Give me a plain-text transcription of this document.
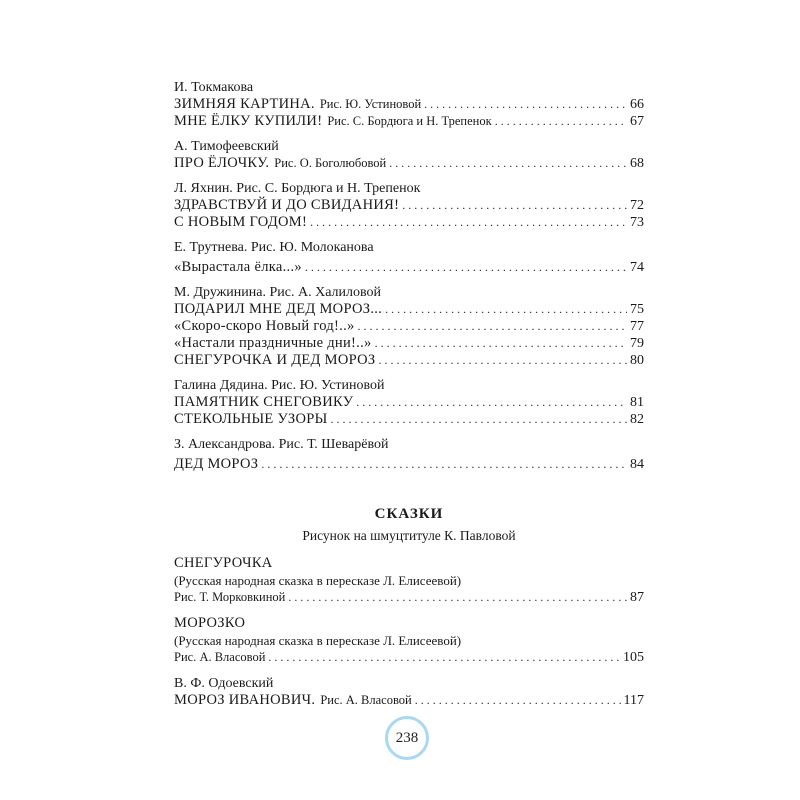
И. Токмакова
ЗИМНЯЯ КАРТИНА. Рис. Ю. Устиновой . . .	66
МНЕ ЁЛКУ КУПИЛИ! Рис. С. Бордюга и Н. Трепенок . . .	67
А. Тимофеевский
ПРО ЁЛОЧКУ. Рис. О. Боголюбовой . . .	68
Л. Яхнин. Рис. С. Бордюга и Н. Трепенок
ЗДРАВСТВУЙ И ДО СВИДАНИЯ! . . .	72
С НОВЫМ ГОДОМ! . . .	73
Е. Трутнева. Рис. Ю. Молоканова
«Вырастала ёлка...» . . .	74
М. Дружинина. Рис. А. Халиловой
ПОДАРИЛ МНЕ ДЕД МОРОЗ... . . .	75
«Скоро-скоро Новый год!..» . . .	77
«Настали праздничные дни!..» . . .	79
СНЕГУРОЧКА И ДЕД МОРОЗ . . .	80
Галина Дядина. Рис. Ю. Устиновой
ПАМЯТНИК СНЕГОВИКУ . . .	81
СТЕКОЛЬНЫЕ УЗОРЫ . . .	82
З. Александрова. Рис. Т. Шеварёвой
ДЕД МОРОЗ . . .	84
СКАЗКИ
Рисунок на шмуцтитуле К. Павловой
СНЕГУРОЧКА
(Русская народная сказка в пересказе Л. Елисеевой)
Рис. Т. Морковкиной . . .	87
МОРОЗКО
(Русская народная сказка в пересказе Л. Елисеевой)
Рис. А. Власовой . . .	105
В. Ф. Одоевский
МОРОЗ ИВАНОВИЧ. Рис. А. Власовой . . .	117
238
